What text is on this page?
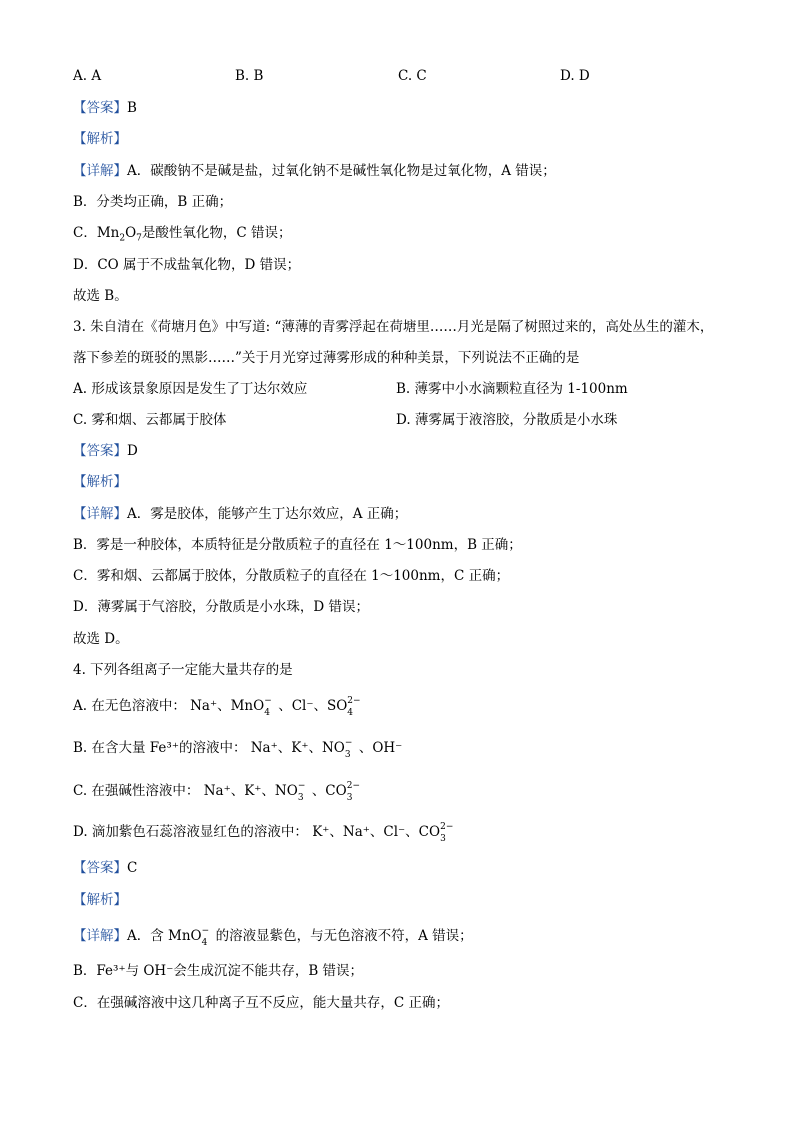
A. A	B. B	C. C	D. D
【答案】B
【解析】
【详解】A．碳酸钠不是碱是盐，过氧化钠不是碱性氧化物是过氧化物，A 错误；
B．分类均正确，B 正确；
C．$Mn_2O_7$是酸性氧化物，C 错误；
D．CO 属于不成盐氧化物，D 错误；
故选 B。
3. 朱自清在《荷塘月色》中写道: “薄薄的青雾浮起在荷塘里……月光是隔了树照过来的，高处丛生的灌木，
落下参差的斑驳的黑影……”关于月光穿过薄雾形成的种种美景，下列说法不正确的是
A. 形成该景象原因是发生了丁达尔效应	B. 薄雾中小水滴颗粒直径为 1-100nm
C. 雾和烟、云都属于胶体	D. 薄雾属于液溶胶，分散质是小水珠
【答案】D
【解析】
【详解】A．雾是胶体，能够产生丁达尔效应，A 正确；
B．雾是一种胶体，本质特征是分散质粒子的直径在 1～100nm，B 正确；
C．雾和烟、云都属于胶体，分散质粒子的直径在 1～100nm，C 正确；
D．薄雾属于气溶胶，分散质是小水珠，D 错误；
故选 D。
4. 下列各组离子一定能大量共存的是
A. 在无色溶液中： Na⁺、MnO −
4 、Cl⁻、SO 2−
4
B. 在含大量 Fe³⁺的溶液中： Na⁺、K⁺、NO −
3 、OH⁻
C. 在强碱性溶液中： Na⁺、K⁺、NO −
3 、CO 2−
3
D. 滴加紫色石蕊溶液显红色的溶液中： K⁺、Na⁺、Cl⁻、CO 2−
3
【答案】C
【解析】
【详解】A．含 MnO −
4 的溶液显紫色，与无色溶液不符，A 错误；
B．Fe³⁺与 OH⁻会生成沉淀不能共存，B 错误；
C．在强碱溶液中这几种离子互不反应，能大量共存，C 正确；
